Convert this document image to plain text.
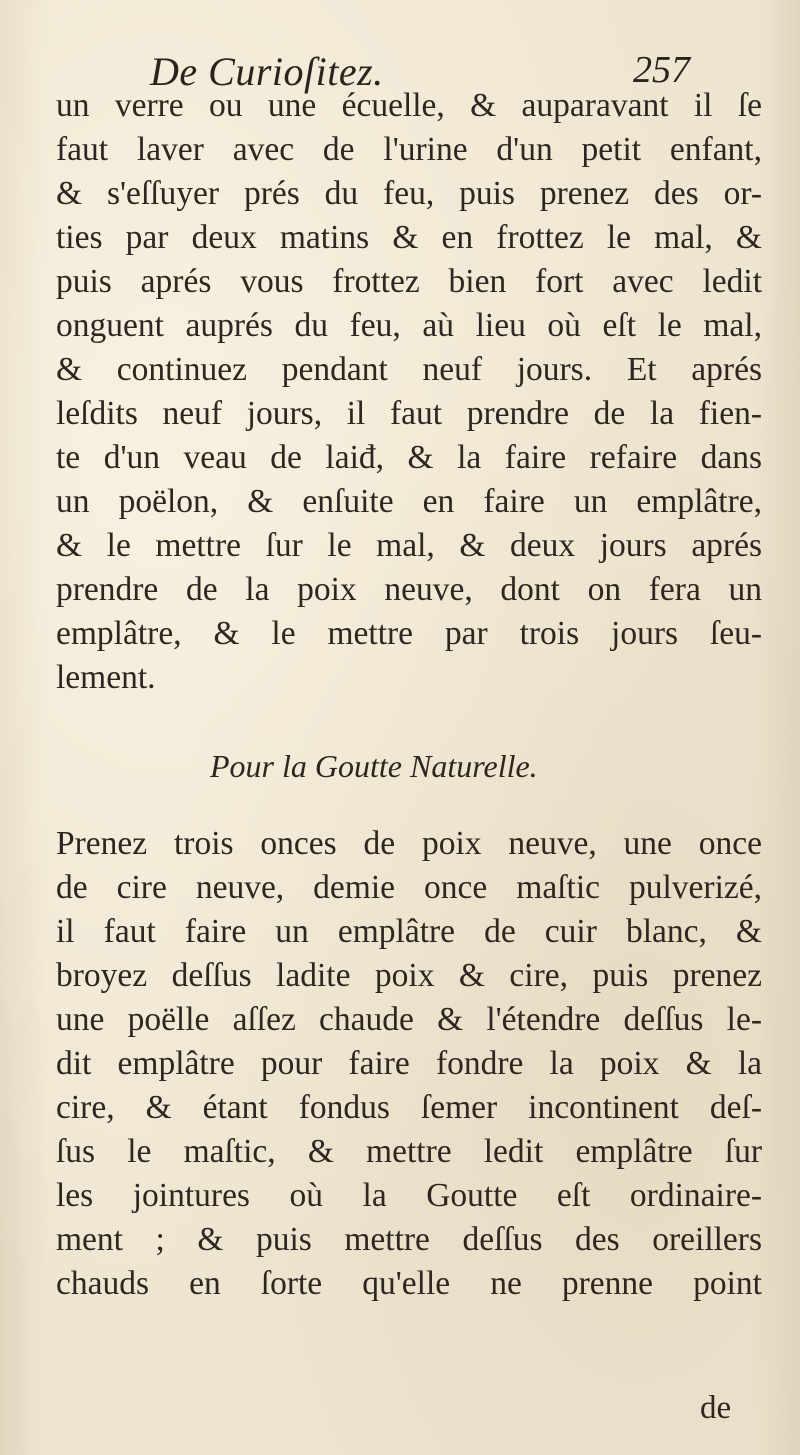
De Curioſitez.	257
un verre ou une écuelle, & auparavant il ſe
faut laver avec de l'urine d'un petit enfant,
& s'eſſuyer prés du feu, puis prenez des or-
ties par deux matins & en frottez le mal, &
puis aprés vous frottez bien fort avec ledit
onguent auprés du feu, aù lieu où eſt le mal,
& continuez pendant neuf jours. Et aprés
leſdits neuf jours, il faut prendre de la fien-
te d'un veau de laiđ, & la faire refaire dans
un poëlon, & enſuite en faire un emplâtre,
& le mettre ſur le mal, & deux jours aprés
prendre de la poix neuve, dont on fera un
emplâtre, & le mettre par trois jours ſeu-
lement.
Pour la Goutte Naturelle.
Prenez trois onces de poix neuve, une once
de cire neuve, demie once maſtic pulverizé,
il faut faire un emplâtre de cuir blanc, &
broyez deſſus ladite poix & cire, puis prenez
une poëlle aſſez chaude & l'étendre deſſus le-
dit emplâtre pour faire fondre la poix & la
cire, & étant fondus ſemer incontinent deſ-
ſus le maſtic, & mettre ledit emplâtre ſur
les jointures où la Goutte eſt ordinaire-
ment ; & puis mettre deſſus des oreillers
chauds en ſorte qu'elle ne prenne point
de
